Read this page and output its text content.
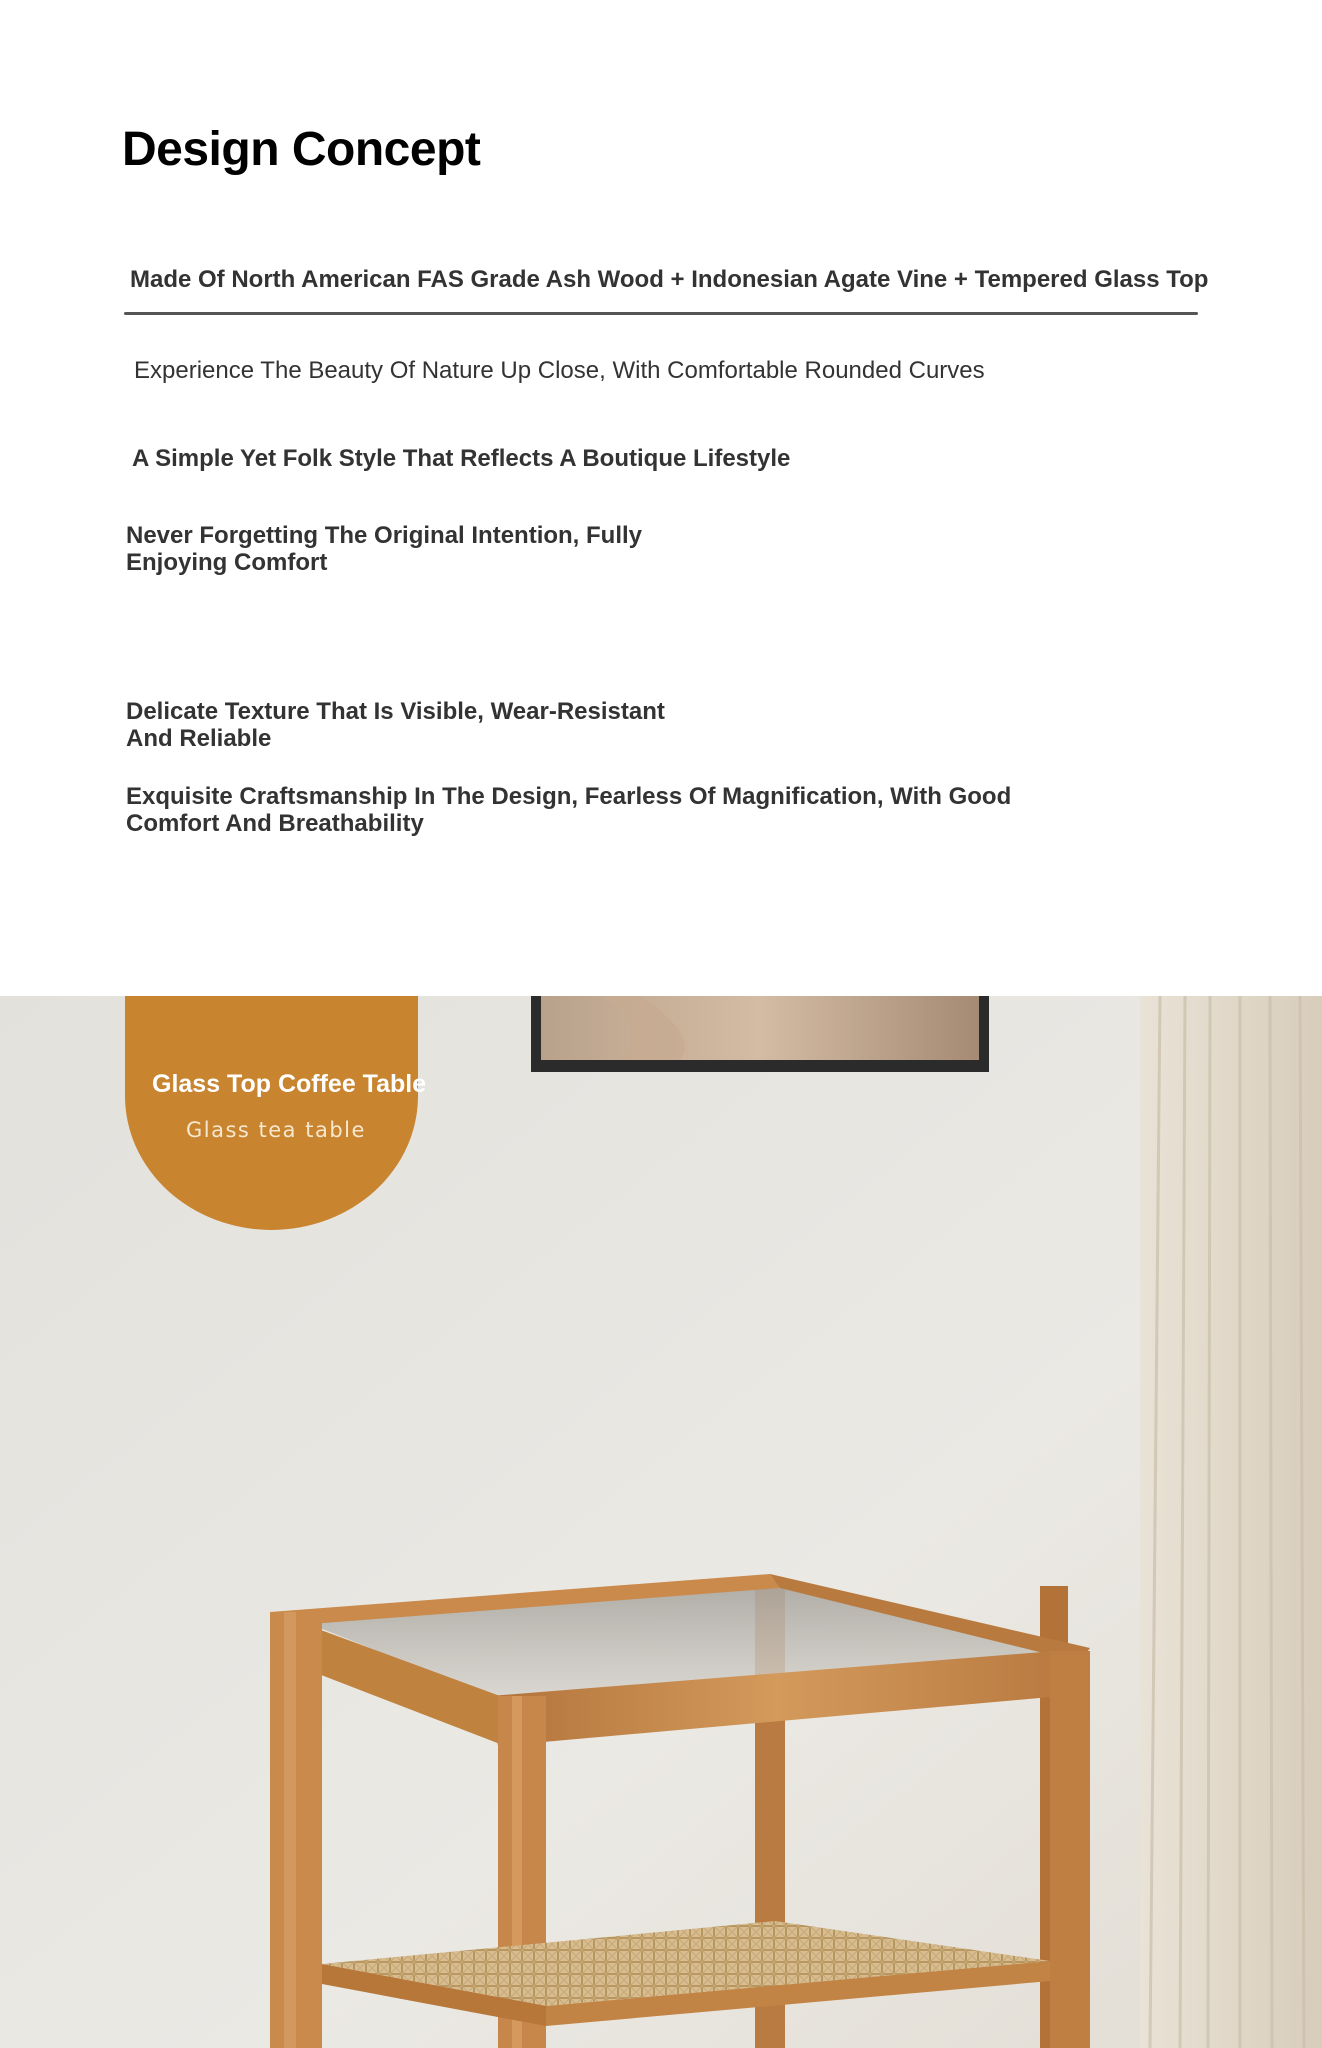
Design Concept
Made Of North American FAS Grade Ash Wood + Indonesian Agate Vine + Tempered Glass Top
Experience The Beauty Of Nature Up Close, With Comfortable Rounded Curves
A Simple Yet Folk Style That Reflects A Boutique Lifestyle
Never Forgetting The Original Intention, Fully Enjoying Comfort
Delicate Texture That Is Visible, Wear-Resistant And Reliable
Exquisite Craftsmanship In The Design, Fearless Of Magnification, With Good Comfort And Breathability
Glass Top Coffee Table
Glass tea table
